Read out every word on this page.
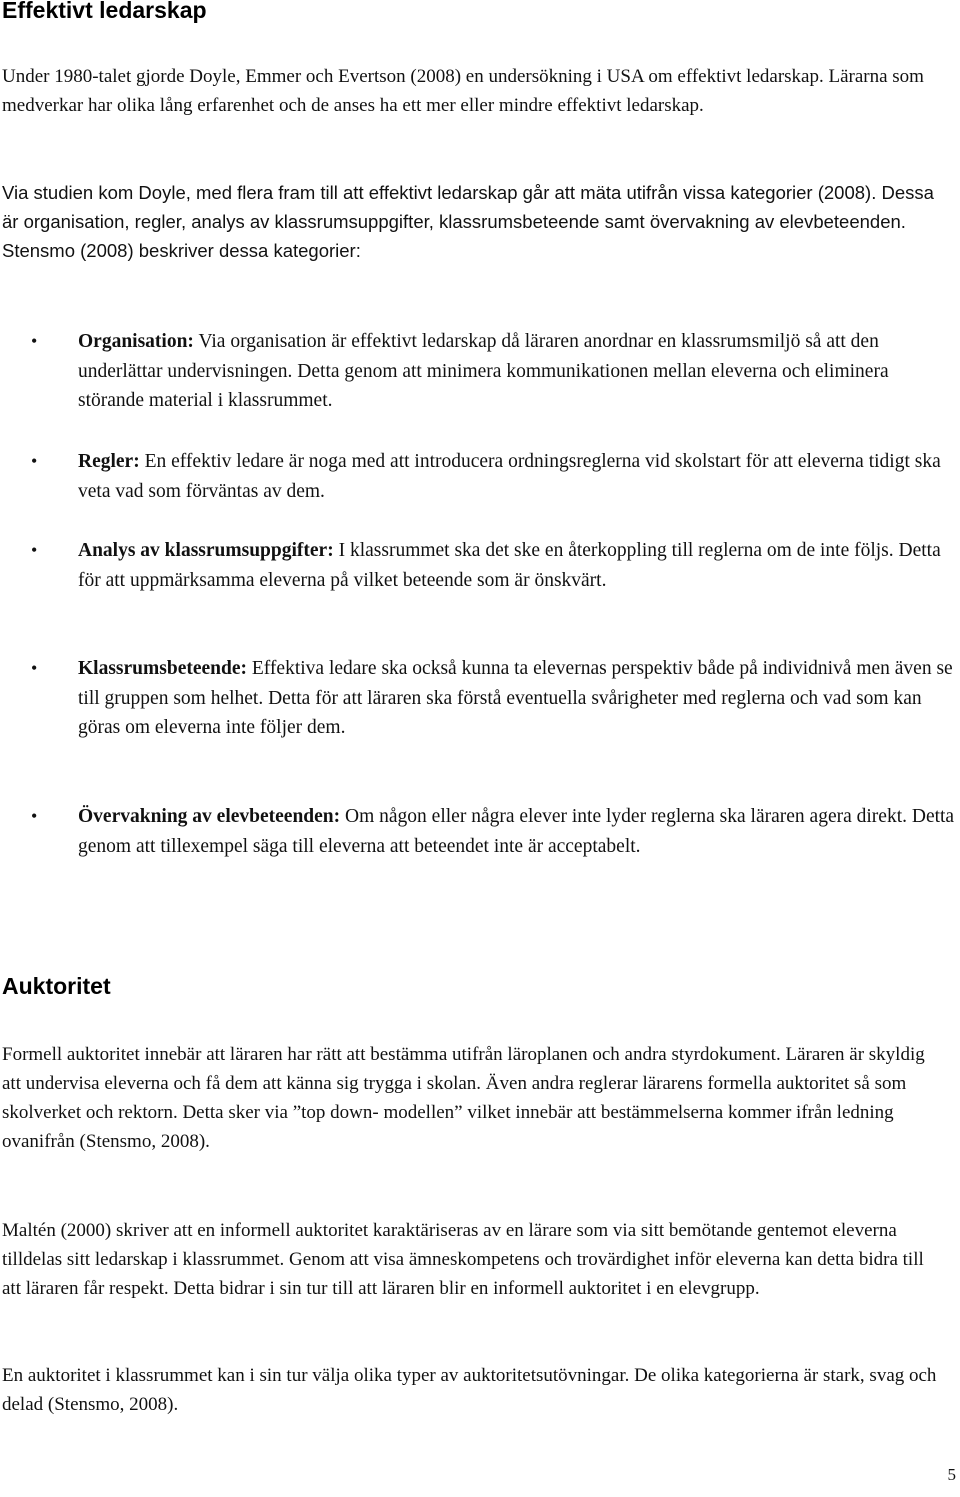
Effektivt ledarskap

Under 1980-talet gjorde Doyle, Emmer och Evertson (2008) en undersökning i USA om effektivt ledarskap. Lärarna som medverkar har olika lång erfarenhet och de anses ha ett mer eller mindre effektivt ledarskap.

Via studien kom Doyle, med flera fram till att effektivt ledarskap går att mäta utifrån vissa kategorier (2008). Dessa är organisation, regler, analys av klassrumsuppgifter, klassrumsbeteende samt övervakning av elevbeteenden. Stensmo (2008) beskriver dessa kategorier:

• Organisation: Via organisation är effektivt ledarskap då läraren anordnar en klassrumsmiljö så att den underlättar undervisningen. Detta genom att minimera kommunikationen mellan eleverna och eliminera störande material i klassrummet.
• Regler: En effektiv ledare är noga med att introducera ordningsreglerna vid skolstart för att eleverna tidigt ska veta vad som förväntas av dem.
• Analys av klassrumsuppgifter: I klassrummet ska det ske en återkoppling till reglerna om de inte följs. Detta för att uppmärksamma eleverna på vilket beteende som är önskvärt.
• Klassrumsbeteende: Effektiva ledare ska också kunna ta elevernas perspektiv både på individnivå men även se till gruppen som helhet. Detta för att läraren ska förstå eventuella svårigheter med reglerna och vad som kan göras om eleverna inte följer dem.
• Övervakning av elevbeteenden: Om någon eller några elever inte lyder reglerna ska läraren agera direkt. Detta genom att tillexempel säga till eleverna att beteendet inte är acceptabelt.
Auktoritet

Formell auktoritet innebär att läraren har rätt att bestämma utifrån läroplanen och andra styrdokument. Läraren är skyldig att undervisa eleverna och få dem att känna sig trygga i skolan. Även andra reglerar lärarens formella auktoritet så som skolverket och rektorn. Detta sker via ”top down- modellen” vilket innebär att bestämmelserna kommer ifrån ledning ovanifrån (Stensmo, 2008).

Maltén (2000) skriver att en informell auktoritet karaktäriseras av en lärare som via sitt bemötande gentemot eleverna tilldelas sitt ledarskap i klassrummet. Genom att visa ämneskompetens och trovärdighet inför eleverna kan detta bidra till att läraren får respekt. Detta bidrar i sin tur till att läraren blir en informell auktoritet i en elevgrupp.

En auktoritet i klassrummet kan i sin tur välja olika typer av auktoritetsutövningar. De olika kategorierna är stark, svag och delad (Stensmo, 2008).

5
